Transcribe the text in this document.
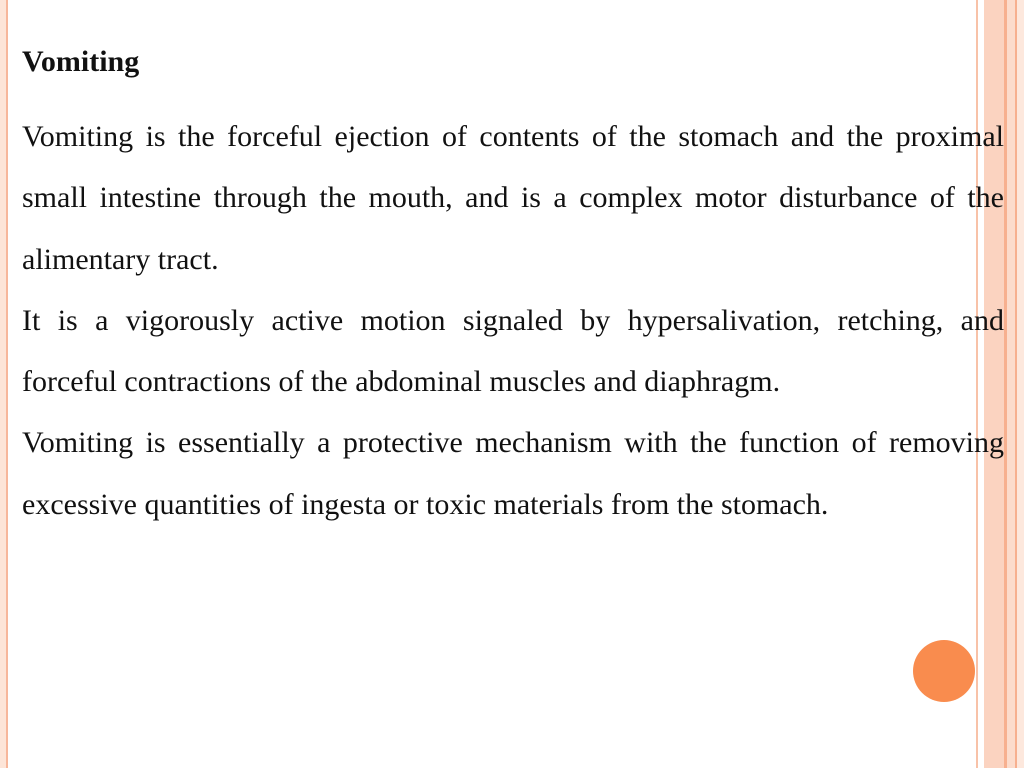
Vomiting

Vomiting is the forceful ejection of contents of the stomach and the proximal small intestine through the mouth, and is a complex motor disturbance of the alimentary tract.

It is a vigorously active motion signaled by hypersalivation, retching, and forceful contractions of the abdominal muscles and diaphragm.

Vomiting is essentially a protective mechanism with the function of removing excessive quantities of ingesta or toxic materials from the stomach.
